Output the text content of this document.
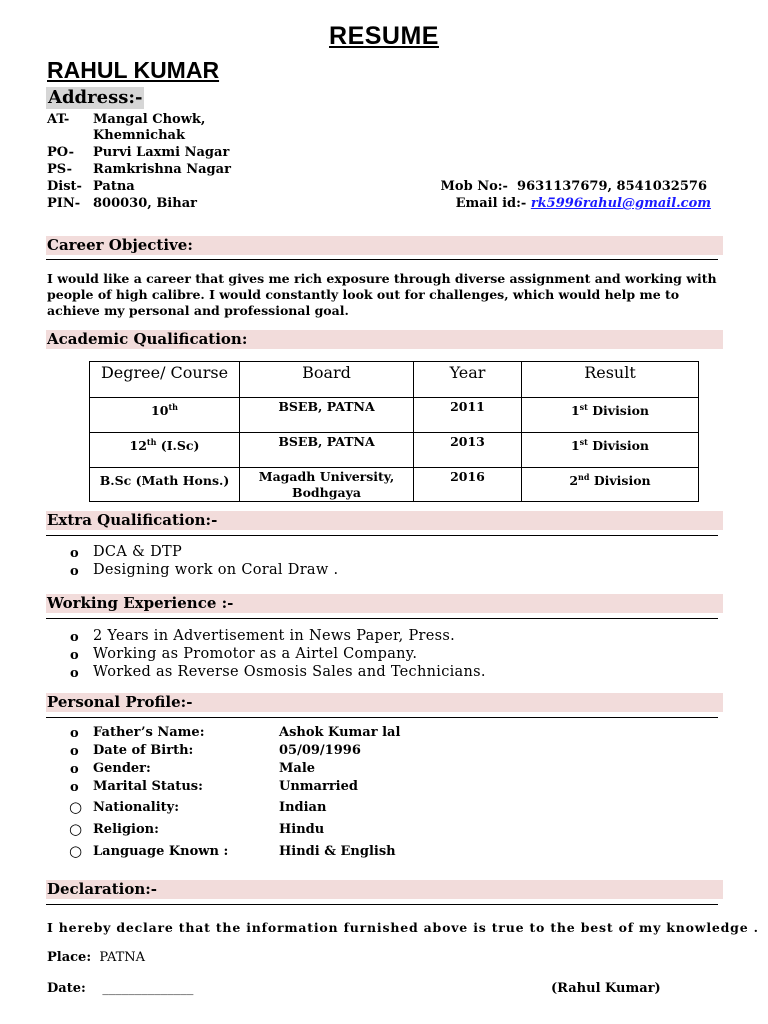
RESUME
RAHUL KUMAR
Address:-
AT-	Mangal Chowk,
Khemnichak
PO-	Purvi Laxmi Nagar
PS-	Ramkrishna Nagar
Dist- Patna
PIN- 800030, Bihar
Mob No:- 9631137679, 8541032576
Email id:- rk5996rahul@gmail.com
Career Objective:
I would like a career that gives me rich exposure through diverse assignment and working with people of high calibre. I would constantly look out for challenges, which would help me to achieve my personal and professional goal.
Academic Qualification:
Degree/ Course	Board	Year	Result
10th	BSEB, PATNA	2011	1st Division
12th (I.Sc)	BSEB, PATNA	2013	1st Division
B.Sc (Math Hons.)	Magadh University, Bodhgaya	2016	2nd Division
Extra Qualification:-
o DCA & DTP
o Designing work on Coral Draw .
Working Experience :-
o 2 Years in Advertisement in News Paper, Press.
o Working as Promotor as a Airtel Company.
o Worked as Reverse Osmosis Sales and Technicians.
Personal Profile:-
o Father’s Name:	Ashok Kumar lal
o Date of Birth:	05/09/1996
o Gender:	Male
o Marital Status:	Unmarried
○ Nationality:	Indian
○ Religion:	Hindu
○ Language Known :	Hindi & English
Declaration:-
I hereby declare that the information furnished above is true to the best of my knowledge .
Place: PATNA
Date: ______________	(Rahul Kumar)
